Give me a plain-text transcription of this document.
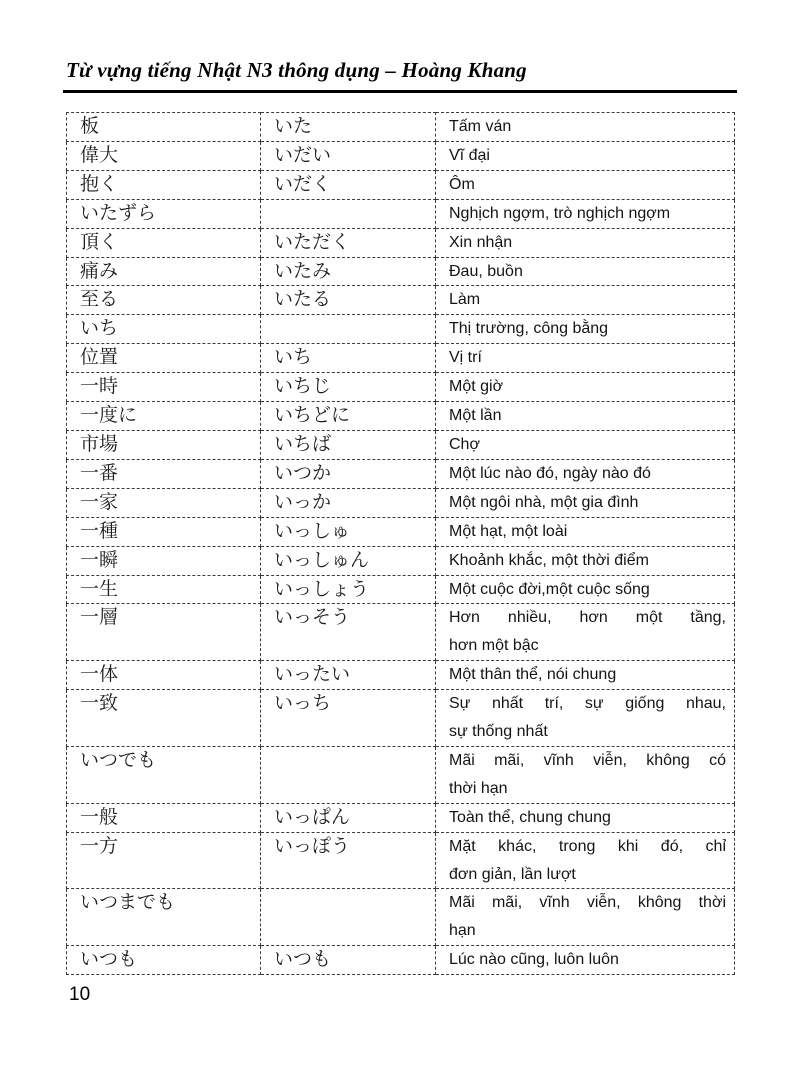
Từ vựng tiếng Nhật N3 thông dụng – Hoàng Khang
板	いた	Tấm ván

偉大	いだい	Vĩ đại

抱く	いだく	Ôm

いたずら		Nghịch ngợm, trò nghịch ngợm

頂く	いただく	Xin nhận

痛み	いたみ	Đau, buồn

至る	いたる	Làm

いち		Thị trường, công bằng

位置	いち	Vị trí

一時	いちじ	Một giờ

一度に	いちどに	Một lần

市場	いちば	Chợ

一番	いつか	Một lúc nào đó, ngày nào đó

一家	いっか	Một ngôi nhà, một gia đình

一種	いっしゅ	Một hạt, một loài

一瞬	いっしゅん	Khoảnh khắc, một thời điểm

一生	いっしょう	Một cuộc đời,một cuộc sống

一層	いっそう	Hơn nhiều, hơn một tầng,
hơn một bậc

一体	いったい	Một thân thể, nói chung

一致	いっち	Sự nhất trí, sự giống nhau,
sự thống nhất

いつでも		Mãi mãi, vĩnh viễn, không có
thời hạn

一般	いっぱん	Toàn thể, chung chung

一方	いっぽう	Mặt khác, trong khi đó, chỉ
đơn giản, lần lượt

いつまでも		Mãi mãi, vĩnh viễn, không thời
hạn

いつも	いつも	Lúc nào cũng, luôn luôn
10
